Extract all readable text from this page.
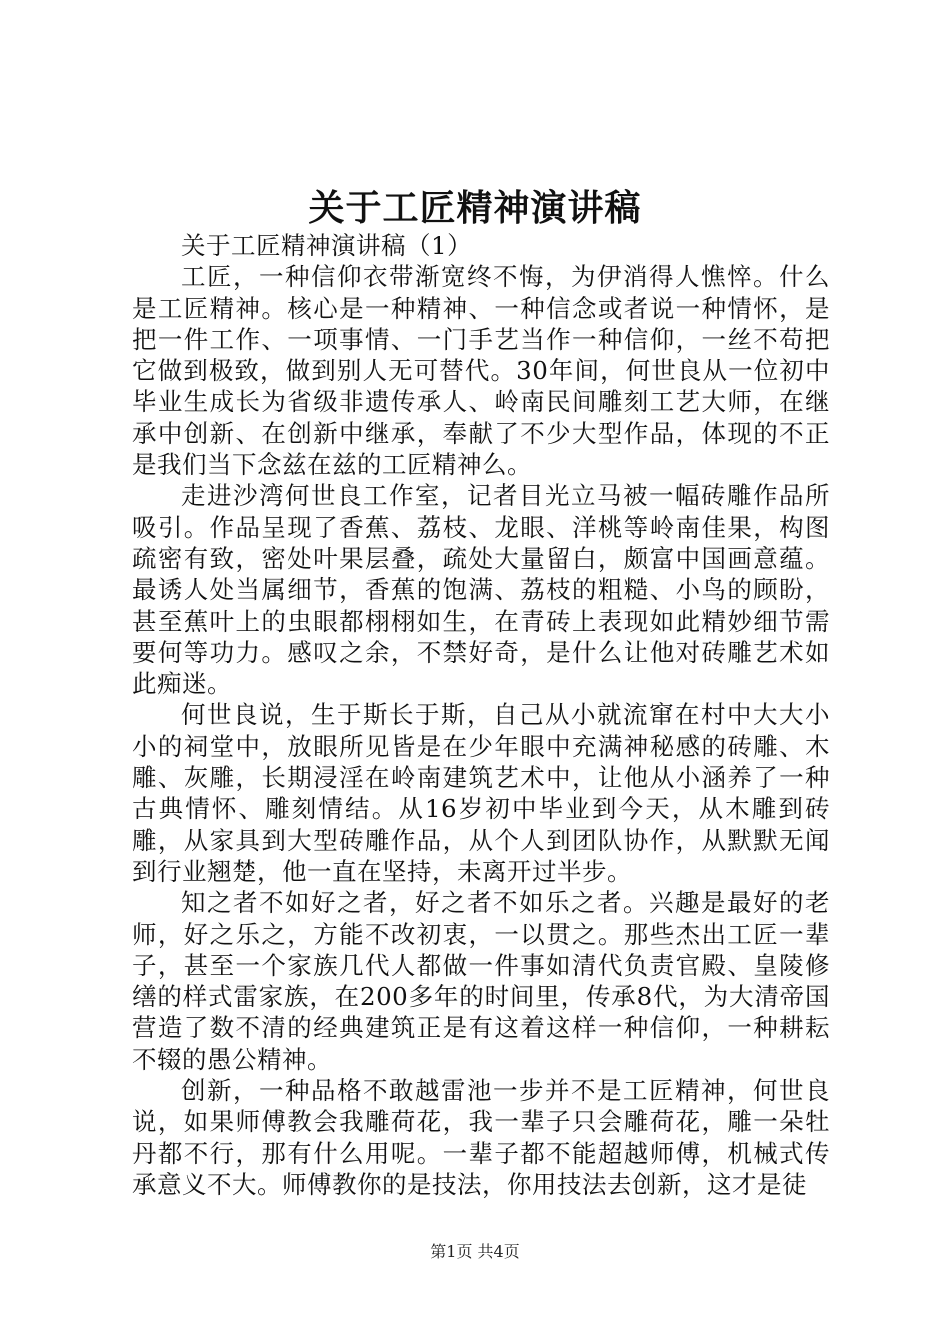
关于工匠精神演讲稿

关于工匠精神演讲稿（1）

工匠，一种信仰衣带渐宽终不悔，为伊消得人憔悴。什么是工匠精神。核心是一种精神、一种信念或者说一种情怀，是把一件工作、一项事情、一门手艺当作一种信仰，一丝不苟把它做到极致，做到别人无可替代。30年间，何世良从一位初中毕业生成长为省级非遗传承人、岭南民间雕刻工艺大师，在继承中创新、在创新中继承，奉献了不少大型作品，体现的不正是我们当下念兹在兹的工匠精神么。

走进沙湾何世良工作室，记者目光立马被一幅砖雕作品所吸引。作品呈现了香蕉、荔枝、龙眼、洋桃等岭南佳果，构图疏密有致，密处叶果层叠，疏处大量留白，颇富中国画意蕴。最诱人处当属细节，香蕉的饱满、荔枝的粗糙、小鸟的顾盼，甚至蕉叶上的虫眼都栩栩如生，在青砖上表现如此精妙细节需要何等功力。感叹之余，不禁好奇，是什么让他对砖雕艺术如此痴迷。

何世良说，生于斯长于斯，自己从小就流窜在村中大大小小的祠堂中，放眼所见皆是在少年眼中充满神秘感的砖雕、木雕、灰雕，长期浸淫在岭南建筑艺术中，让他从小涵养了一种古典情怀、雕刻情结。从16岁初中毕业到今天，从木雕到砖雕，从家具到大型砖雕作品，从个人到团队协作，从默默无闻到行业翘楚，他一直在坚持，未离开过半步。

知之者不如好之者，好之者不如乐之者。兴趣是最好的老师，好之乐之，方能不改初衷，一以贯之。那些杰出工匠一辈子，甚至一个家族几代人都做一件事如清代负责官殿、皇陵修缮的样式雷家族，在200多年的时间里，传承8代，为大清帝国营造了数不清的经典建筑正是有这着这样一种信仰，一种耕耘不辍的愚公精神。

创新，一种品格不敢越雷池一步并不是工匠精神，何世良说，如果师傅教会我雕荷花，我一辈子只会雕荷花，雕一朵牡丹都不行，那有什么用呢。一辈子都不能超越师傅，机械式传承意义不大。师傅教你的是技法，你用技法去创新，这才是徒

第1页 共4页
